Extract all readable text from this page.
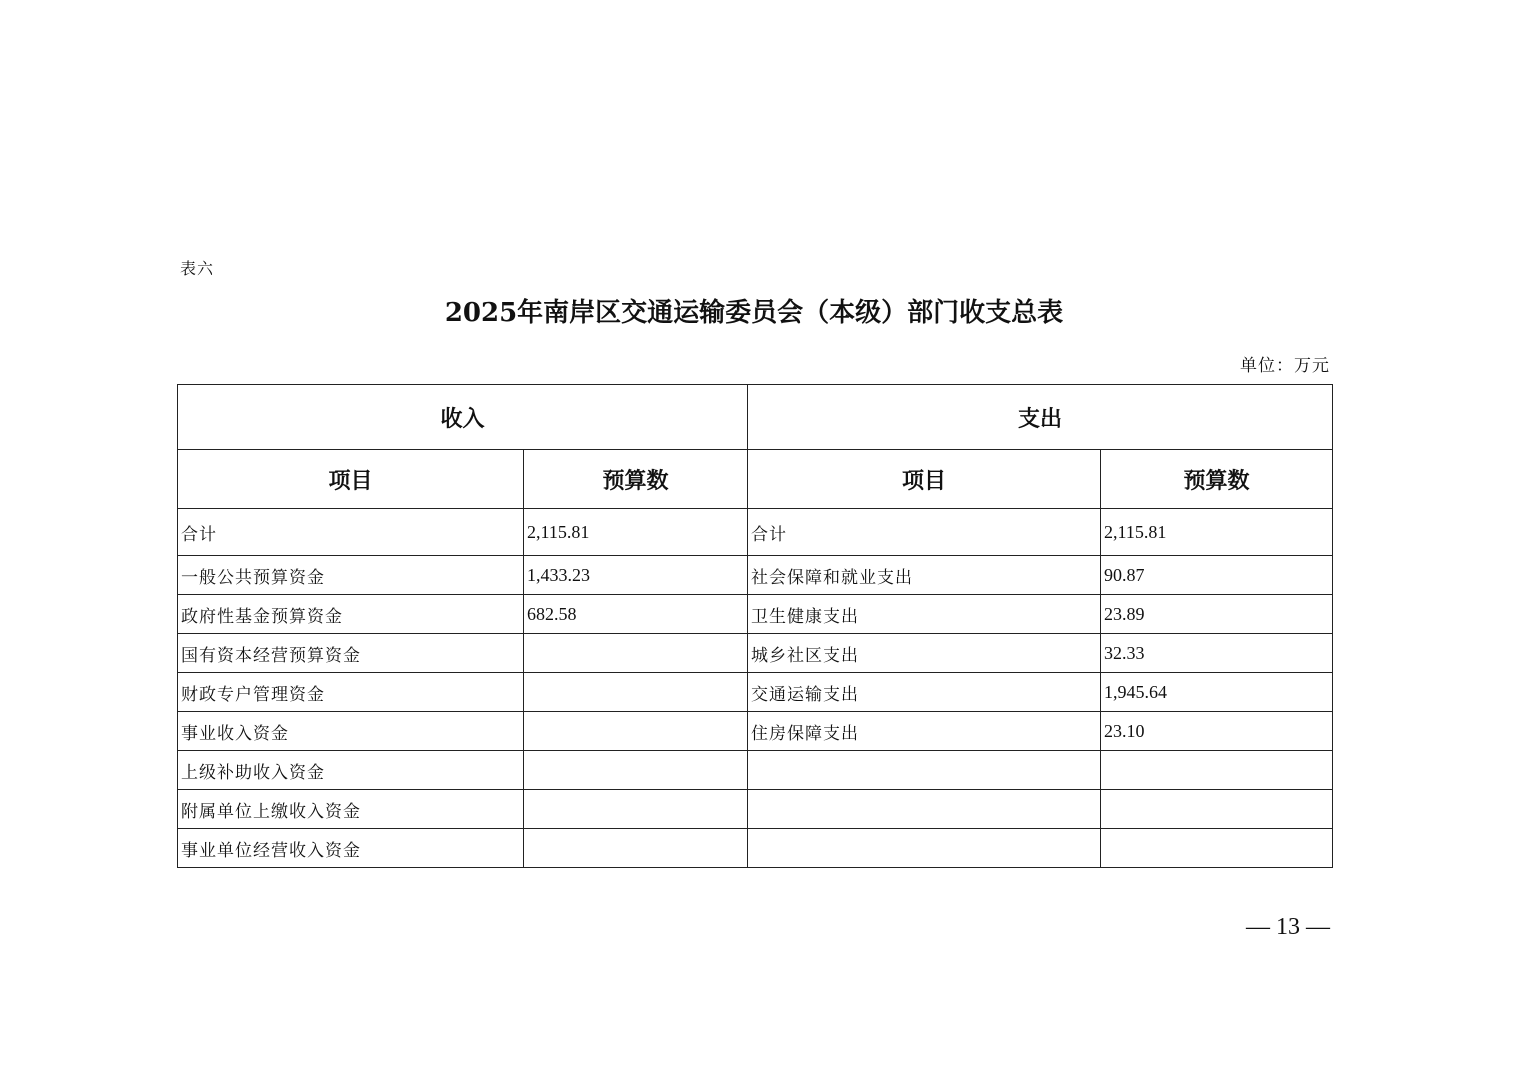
表六
2025年南岸区交通运输委员会（本级）部门收支总表
单位：万元
收入		支出	
项目	预算数	项目	预算数
合计	2,115.81	合计	2,115.81
一般公共预算资金	1,433.23	社会保障和就业支出	90.87
政府性基金预算资金	682.58	卫生健康支出	23.89
国有资本经营预算资金		城乡社区支出	32.33
财政专户管理资金		交通运输支出	1,945.64
事业收入资金		住房保障支出	23.10
上级补助收入资金			
附属单位上缴收入资金			
事业单位经营收入资金			
— 13 —
